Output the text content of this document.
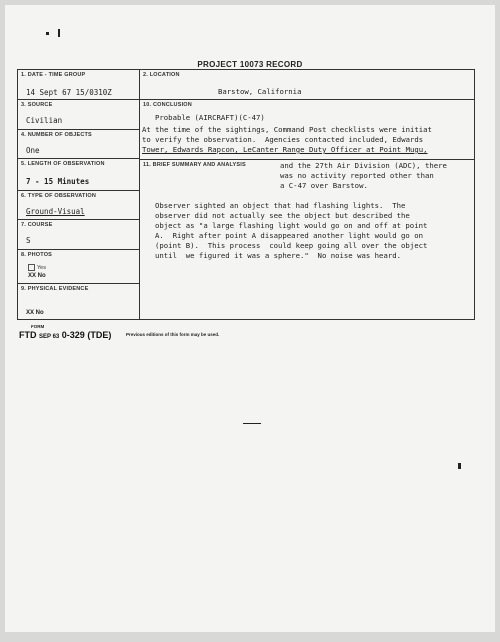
PROJECT 10073 RECORD
1. DATE - TIME GROUP
14 Sept 67 15/0310Z
3. SOURCE
Civilian
4. NUMBER OF OBJECTS
One
5. LENGTH OF OBSERVATION
7 - 15 Minutes
6. TYPE OF OBSERVATION
Ground-Visual
7. COURSE
S
8. PHOTOS
Yes
XX No
9. PHYSICAL EVIDENCE
XX No
2. LOCATION
Barstow, California
10. CONCLUSION
Probable (AIRCRAFT)(C-47)
At the time of the sightings, Command Post checklists were initiat
to verify the observation.  Agencies contacted included, Edwards
Tower, Edwards Rapcon, LeCanter Range Duty Officer at Point Mugu,
11. BRIEF SUMMARY AND ANALYSIS	and the 27th Air Division (ADC), there
was no activity reported other than
a C-47 over Barstow.
Observer sighted an object that had flashing lights.  The
observer did not actually see the object but described the
object as "a large flashing light would go on and off at point
A.  Right after point A disappeared another light would go on
(point B).  This process  could keep going all over the object
until  we figured it was a sphere."  No noise was heard.
FORM
FTD SEP 63 0-329 (TDE)	Previous editions of this form may be used.
